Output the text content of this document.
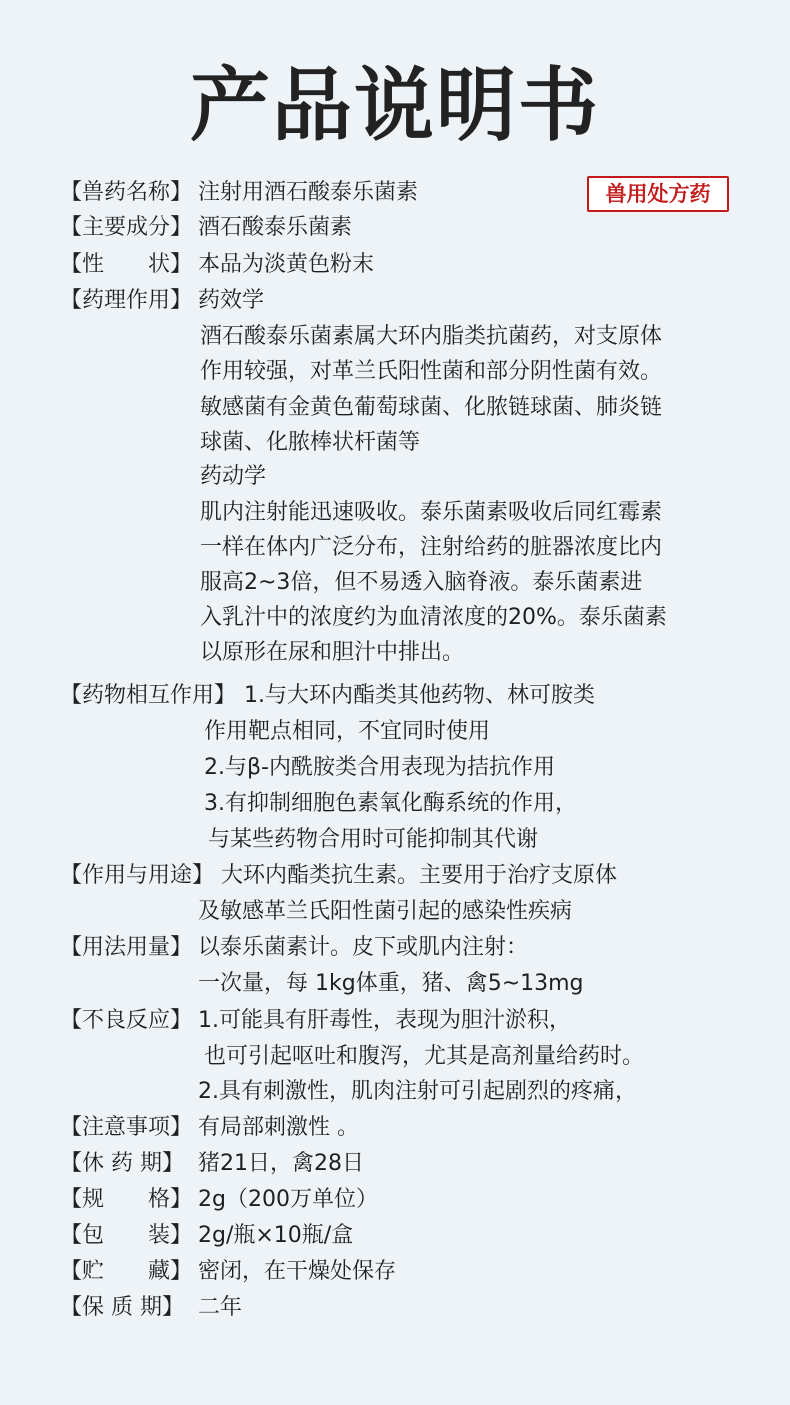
产品说明书
兽用处方药
【兽药名称】 注射用酒石酸泰乐菌素
【主要成分】 酒石酸泰乐菌素
【性　　状】 本品为淡黄色粉末
【药理作用】 药效学
酒石酸泰乐菌素属大环内脂类抗菌药，对支原体
作用较强，对革兰氏阳性菌和部分阴性菌有效。
敏感菌有金黄色葡萄球菌、化脓链球菌、肺炎链
球菌、化脓棒状杆菌等
药动学
肌内注射能迅速吸收。泰乐菌素吸收后同红霉素
一样在体内广泛分布，注射给药的脏器浓度比内
服高2~3倍，但不易透入脑脊液。泰乐菌素进
入乳汁中的浓度约为血清浓度的20%。泰乐菌素
以原形在尿和胆汁中排出。
【药物相互作用】 1.与大环内酯类其他药物、林可胺类
作用靶点相同，不宜同时使用
2.与β-内酰胺类合用表现为拮抗作用
3.有抑制细胞色素氧化酶系统的作用，
与某些药物合用时可能抑制其代谢
【作用与用途】 大环内酯类抗生素。主要用于治疗支原体
及敏感革兰氏阳性菌引起的感染性疾病
【用法用量】 以泰乐菌素计。皮下或肌内注射：
一次量，每 1kg体重，猪、禽5~13mg
【不良反应】 1.可能具有肝毒性，表现为胆汁淤积，
也可引起呕吐和腹泻，尤其是高剂量给药时。
2.具有刺激性，肌肉注射可引起剧烈的疼痛，
【注意事项】 有局部刺激性 。
【休 药 期】 猪21日，禽28日
【规　　格】 2g（200万单位）
【包　　装】 2g/瓶×10瓶/盒
【贮　　藏】 密闭，在干燥处保存
【保 质 期】 二年
